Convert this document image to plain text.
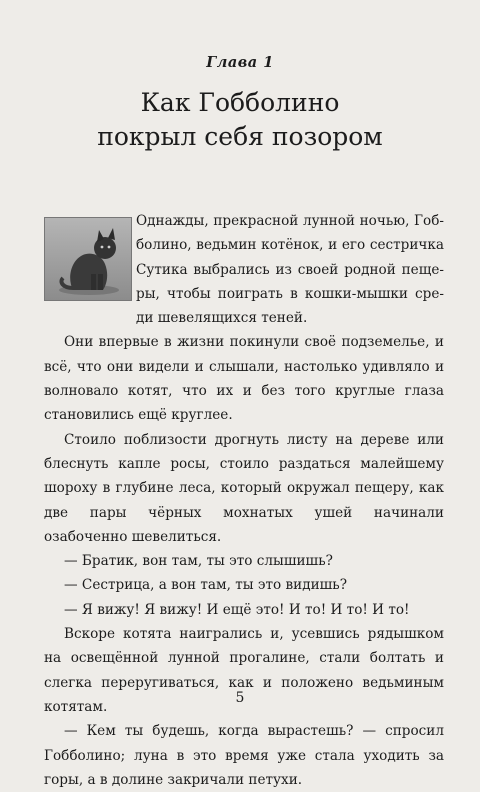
Глава 1
Как Гобболино
покрыл себя позором

Однажды, прекрасной лунной ночью, Гоб-
болино, ведьмин котёнок, и его сестричка
Сутика выбрались из своей родной пеще-
ры, чтобы поиграть в кошки-мышки сре-
ди шевелящихся теней.

Они впервые в жизни покинули своё подземелье, и всё, что они видели и слышали, настолько удивляло и волновало котят, что их и без того круглые глаза становились ещё круглее.

Стоило поблизости дрогнуть листу на дереве или блеснуть капле росы, стоило раздаться малейшему шороху в глубине леса, который окружал пещеру, как две пары чёрных мохнатых ушей начинали озабоченно шевелиться.

— Братик, вон там, ты это слышишь?

— Сестрица, а вон там, ты это видишь?

— Я вижу! Я вижу! И ещё это! И то! И то! И то!

Вскоре котята наигрались и, усевшись рядышком на освещённой лунной прогалине, стали болтать и слегка переругиваться, как и положено ведьминым котятам.

— Кем ты будешь, когда вырастешь? — спросил Гобболино; луна в это время уже стала уходить за горы, а в долине закричали петухи.

5
